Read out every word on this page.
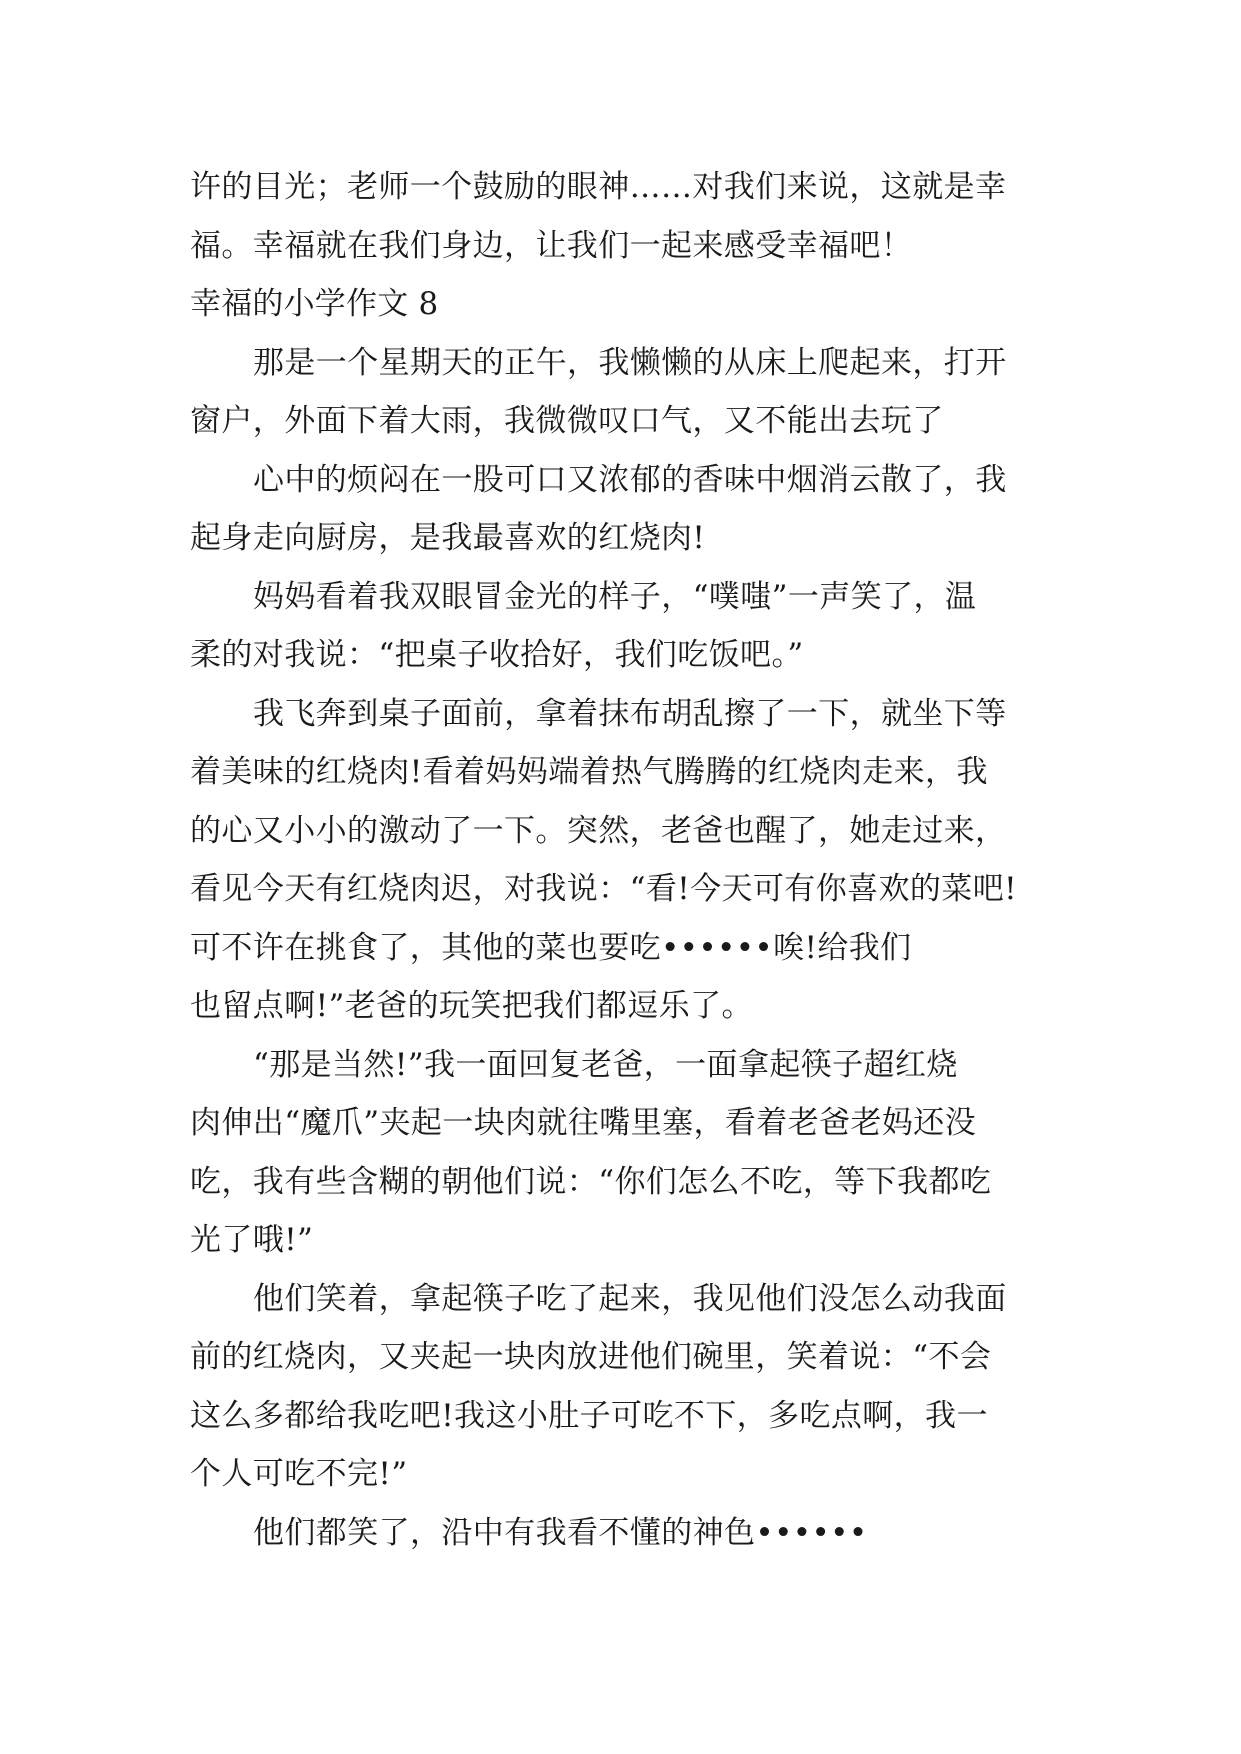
许的目光；老师一个鼓励的眼神……对我们来说，这就是幸
福。幸福就在我们身边，让我们一起来感受幸福吧！
幸福的小学作文 8
那是一个星期天的正午，我懒懒的从床上爬起来，打开
窗户，外面下着大雨，我微微叹口气，又不能出去玩了
心中的烦闷在一股可口又浓郁的香味中烟消云散了，我
起身走向厨房，是我最喜欢的红烧肉!
妈妈看着我双眼冒金光的样子，“噗嗤”一声笑了，温
柔的对我说：“把桌子收拾好，我们吃饭吧。”
我飞奔到桌子面前，拿着抹布胡乱擦了一下，就坐下等
着美味的红烧肉!看着妈妈端着热气腾腾的红烧肉走来，我
的心又小小的激动了一下。突然，老爸也醒了，她走过来，
看见今天有红烧肉迟，对我说：“看!今天可有你喜欢的菜吧!
可不许在挑食了，其他的菜也要吃••••••唉!给我们
也留点啊!”老爸的玩笑把我们都逗乐了。
“那是当然!”我一面回复老爸，一面拿起筷子超红烧
肉伸出“魔爪”夹起一块肉就往嘴里塞，看着老爸老妈还没
吃，我有些含糊的朝他们说：“你们怎么不吃，等下我都吃
光了哦!”
他们笑着，拿起筷子吃了起来，我见他们没怎么动我面
前的红烧肉，又夹起一块肉放进他们碗里，笑着说：“不会
这么多都给我吃吧!我这小肚子可吃不下，多吃点啊，我一
个人可吃不完!”
他们都笑了，沿中有我看不懂的神色••••••
